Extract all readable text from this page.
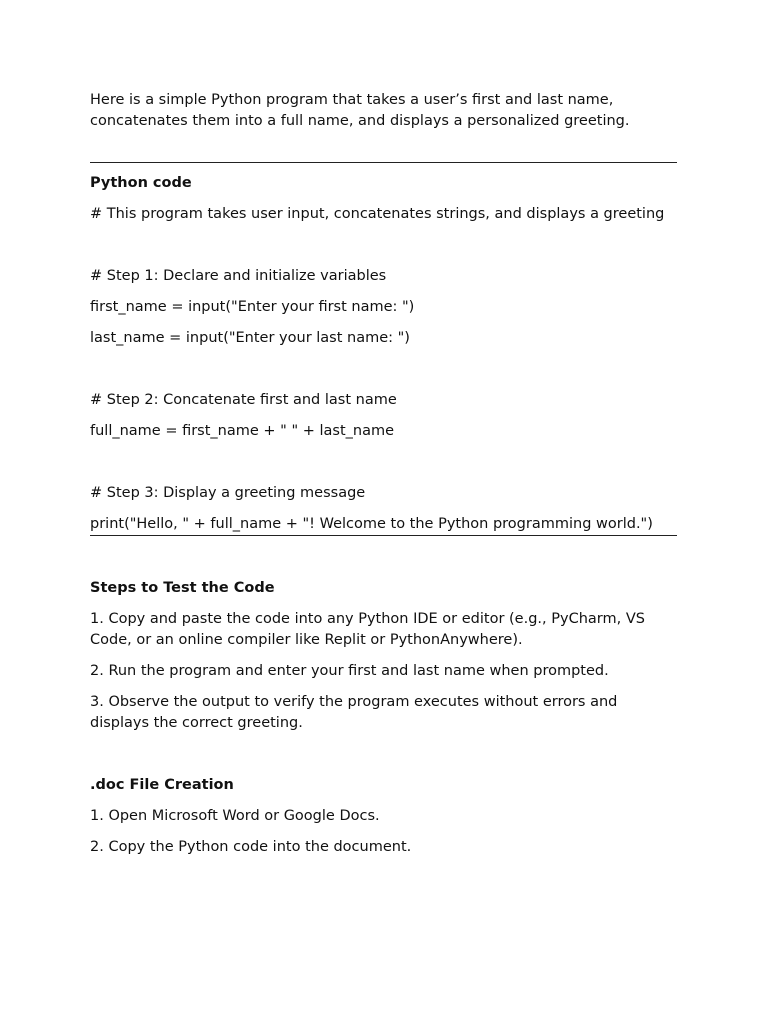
Here is a simple Python program that takes a user’s first and last name, concatenates them into a full name, and displays a personalized greeting.

Python code

# This program takes user input, concatenates strings, and displays a greeting

# Step 1: Declare and initialize variables

first_name = input("Enter your first name: ")

last_name = input("Enter your last name: ")

# Step 2: Concatenate first and last name

full_name = first_name + " " + last_name

# Step 3: Display a greeting message

print("Hello, " + full_name + "! Welcome to the Python programming world.")

Steps to Test the Code

1. Copy and paste the code into any Python IDE or editor (e.g., PyCharm, VS Code, or an online compiler like Replit or PythonAnywhere).

2. Run the program and enter your first and last name when prompted.

3. Observe the output to verify the program executes without errors and displays the correct greeting.

.doc File Creation

1. Open Microsoft Word or Google Docs.

2. Copy the Python code into the document.
